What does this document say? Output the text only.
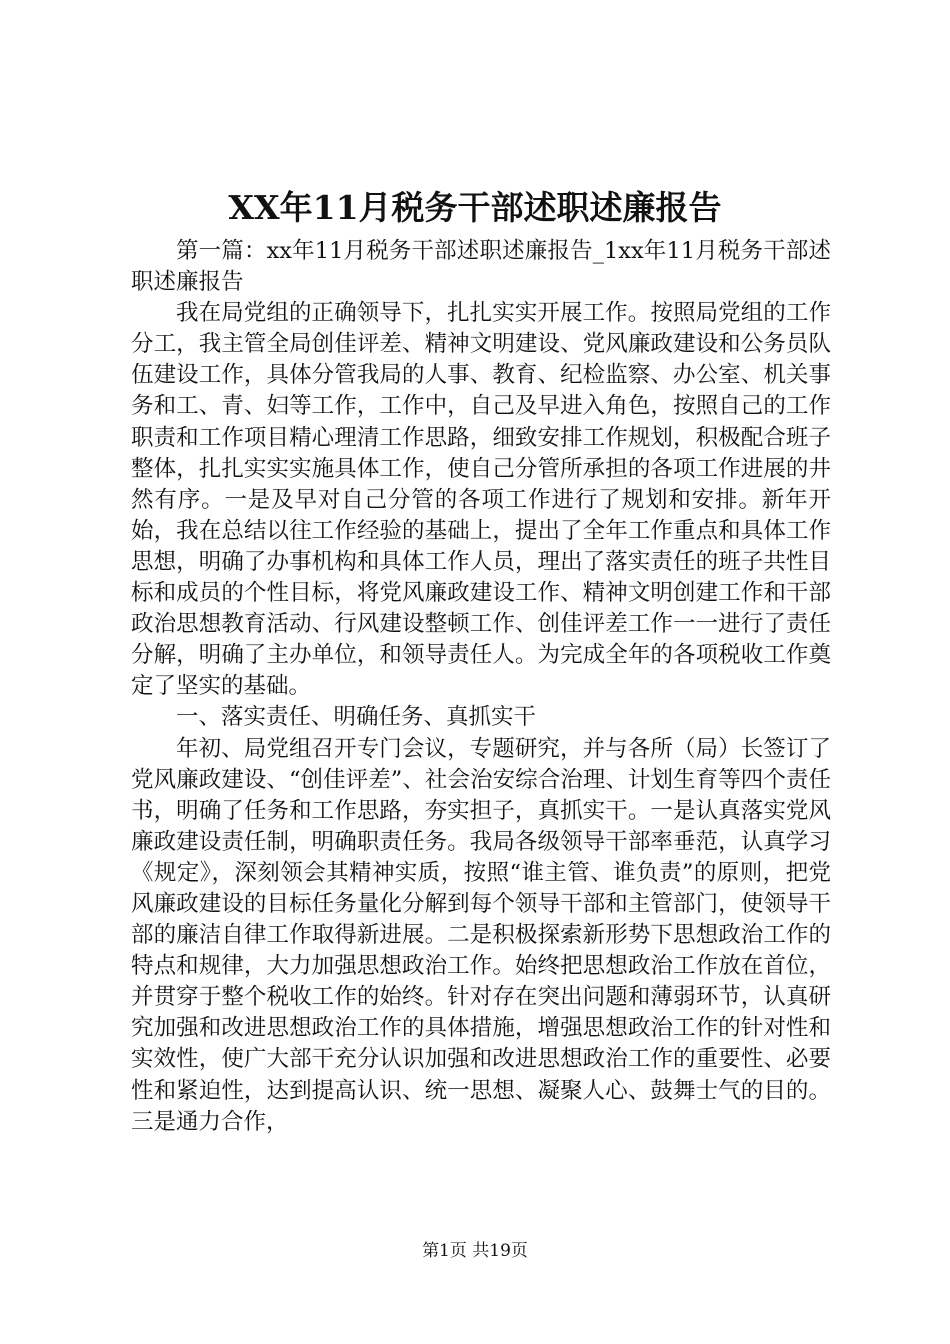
XX年11月税务干部述职述廉报告

第一篇：xx年11月税务干部述职述廉报告_1xx年11月税务干部述职述廉报告

我在局党组的正确领导下，扎扎实实开展工作。按照局党组的工作分工，我主管全局创佳评差、精神文明建设、党风廉政建设和公务员队伍建设工作，具体分管我局的人事、教育、纪检监察、办公室、机关事务和工、青、妇等工作，工作中，自己及早进入角色，按照自己的工作职责和工作项目精心理清工作思路，细致安排工作规划，积极配合班子整体，扎扎实实实施具体工作，使自己分管所承担的各项工作进展的井然有序。一是及早对自己分管的各项工作进行了规划和安排。新年开始，我在总结以往工作经验的基础上，提出了全年工作重点和具体工作思想，明确了办事机构和具体工作人员，理出了落实责任的班子共性目标和成员的个性目标，将党风廉政建设工作、精神文明创建工作和干部政治思想教育活动、行风建设整顿工作、创佳评差工作一一进行了责任分解，明确了主办单位，和领导责任人。为完成全年的各项税收工作奠定了坚实的基础。

一、落实责任、明确任务、真抓实干

年初、局党组召开专门会议，专题研究，并与各所（局）长签订了党风廉政建设、“创佳评差”、社会治安综合治理、计划生育等四个责任书，明确了任务和工作思路，夯实担子，真抓实干。一是认真落实党风廉政建设责任制，明确职责任务。我局各级领导干部率垂范，认真学习《规定》，深刻领会其精神实质，按照“谁主管、谁负责”的原则，把党风廉政建设的目标任务量化分解到每个领导干部和主管部门，使领导干部的廉洁自律工作取得新进展。二是积极探索新形势下思想政治工作的特点和规律，大力加强思想政治工作。始终把思想政治工作放在首位，并贯穿于整个税收工作的始终。针对存在突出问题和薄弱环节，认真研究加强和改进思想政治工作的具体措施，增强思想政治工作的针对性和实效性，使广大部干充分认识加强和改进思想政治工作的重要性、必要性和紧迫性，达到提高认识、统一思想、凝聚人心、鼓舞士气的目的。三是通力合作，

第1页 共19页
